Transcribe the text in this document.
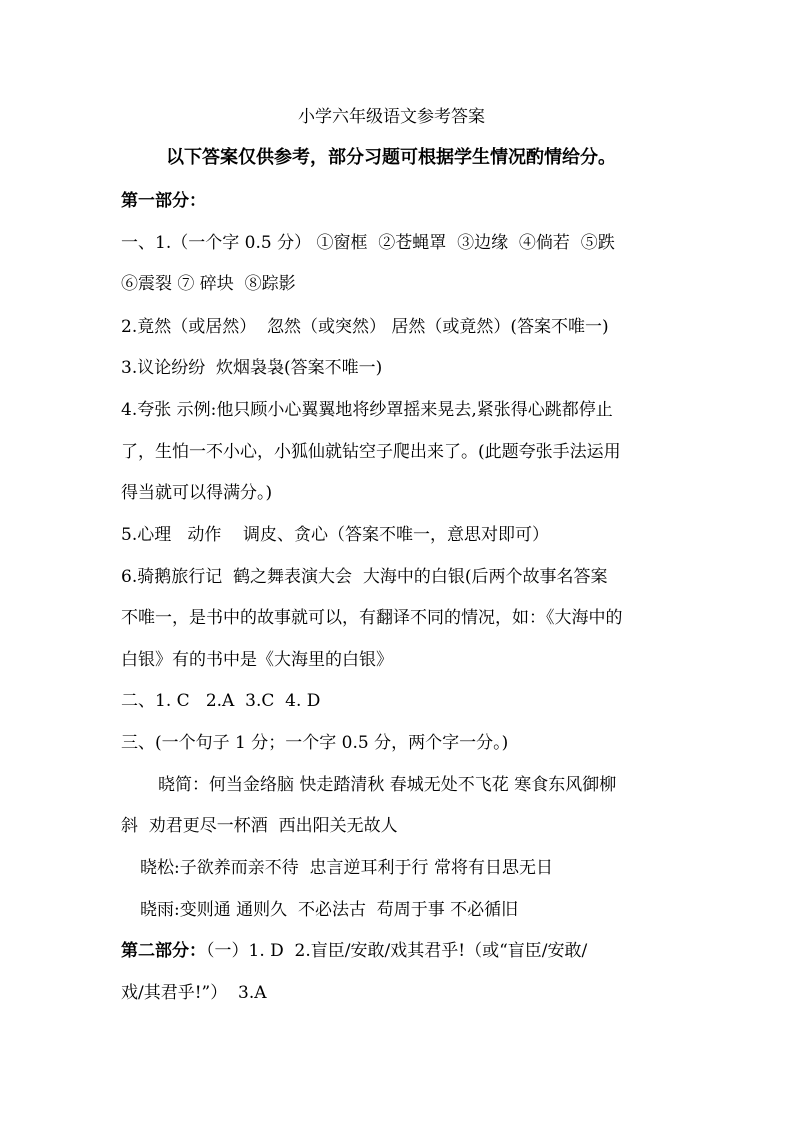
小学六年级语文参考答案
以下答案仅供参考，部分习题可根据学生情况酌情给分。
第一部分：
一、1.（一个字 0.5 分） ①窗框  ②苍蝇罩  ③边缘  ④倘若  ⑤跌
⑥震裂 ⑦ 碎块  ⑧踪影
2.竟然（或居然）  忽然（或突然） 居然（或竟然）(答案不唯一)
3.议论纷纷  炊烟袅袅(答案不唯一)
4.夸张 示例:他只顾小心翼翼地将纱罩摇来晃去,紧张得心跳都停止
了，生怕一不小心，小狐仙就钻空子爬出来了。(此题夸张手法运用
得当就可以得满分。)
5.心理   动作    调皮、贪心（答案不唯一，意思对即可）
6.骑鹅旅行记  鹤之舞表演大会  大海中的白银(后两个故事名答案
不唯一，是书中的故事就可以，有翻译不同的情况，如：《大海中的
白银》有的书中是《大海里的白银》
二、1. C   2.A  3.C  4. D
三、(一个句子 1 分；一个字 0.5 分，两个字一分。)
晓简：何当金络脑 快走踏清秋 春城无处不飞花 寒食东风御柳
斜  劝君更尽一杯酒  西出阳关无故人
晓松:子欲养而亲不待  忠言逆耳利于行 常将有日思无日
晓雨:变则通 通则久  不必法古  苟周于事 不必循旧
第二部分：（一）1. D  2.盲臣/安敢/戏其君乎!（或“盲臣/安敢/
戏/其君乎!”）  3.A
